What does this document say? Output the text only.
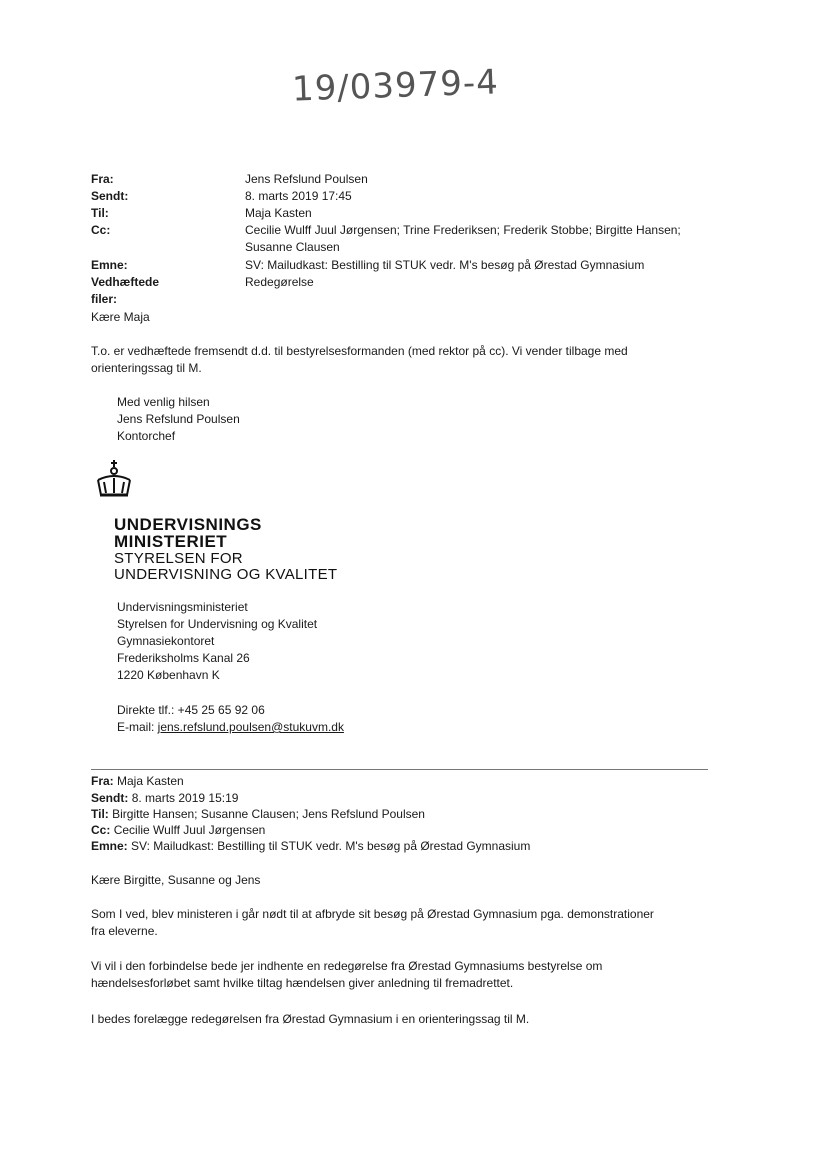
19/03979-4
Fra:	Jens Refslund Poulsen
Sendt:	8. marts 2019 17:45
Til:	Maja Kasten
Cc:	Cecilie Wulff Juul Jørgensen; Trine Frederiksen; Frederik Stobbe; Birgitte Hansen;
Susanne Clausen
Emne:	SV: Mailudkast: Bestilling til STUK vedr. M's besøg på Ørestad Gymnasium
Vedhæftede filer:
Redegørelse
Kære Maja
T.o. er vedhæftede fremsendt d.d. til bestyrelsesformanden (med rektor på cc). Vi vender tilbage med
orienteringssag til M.
Med venlig hilsen
Jens Refslund Poulsen
Kontorchef
UNDERVISNINGS
MINISTERIET
STYRELSEN FOR
UNDERVISNING OG KVALITET
Undervisningsministeriet
Styrelsen for Undervisning og Kvalitet
Gymnasiekontoret
Frederiksholms Kanal 26
1220 København K
Direkte tlf.: +45 25 65 92 06
E-mail: jens.refslund.poulsen@stukuvm.dk
Fra: Maja Kasten
Sendt: 8. marts 2019 15:19
Til: Birgitte Hansen; Susanne Clausen; Jens Refslund Poulsen
Cc: Cecilie Wulff Juul Jørgensen
Emne: SV: Mailudkast: Bestilling til STUK vedr. M's besøg på Ørestad Gymnasium
Kære Birgitte, Susanne og Jens
Som I ved, blev ministeren i går nødt til at afbryde sit besøg på Ørestad Gymnasium pga. demonstrationer
fra eleverne.
Vi vil i den forbindelse bede jer indhente en redegørelse fra Ørestad Gymnasiums bestyrelse om
hændelsesforløbet samt hvilke tiltag hændelsen giver anledning til fremadrettet.
I bedes forelægge redegørelsen fra Ørestad Gymnasium i en orienteringssag til M.
